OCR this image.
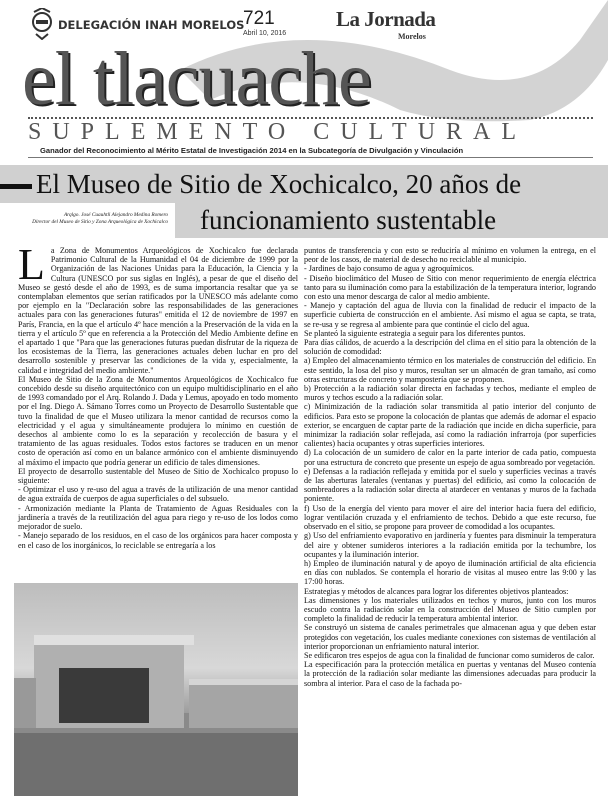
DELEGACIÓN INAH MORELOS
721
Abril 10, 2016
La Jornada
Morelos
el tlacuache
SUPLEMENTO CULTURAL
Ganador del Reconocimiento al Mérito Estatal de Investigación 2014 en la Subcategoría de Divulgación y Vinculación
El Museo de Sitio de Xochicalco, 20 años de
funcionamiento sustentable
Arqlgo. José Cuauhtli Alejandro Medina Romero
Director del Museo de Sitio y Zona Arqueológica de Xochicalco
L a Zona de Monumentos Arqueológicos de Xochicalco fue declarada Patrimonio Cultural de la Humanidad el 04 de diciembre de 1999 por la Organización de las Naciones Unidas para la Educación, la Ciencia y la Cultura (UNESCO por sus siglas en Inglés), a pesar de que el diseño del Museo se gestó desde el año de 1993, es de suma importancia resaltar que ya se contemplaban elementos que serían ratificados por la UNESCO más adelante como por ejemplo en la "Declaración sobre las responsabilidades de las generaciones actuales para con las generaciones futuras" emitida el 12 de noviembre de 1997 en París, Francia, en la que el artículo 4º hace mención a la Preservación de la vida en la tierra y el artículo 5º que en referencia a la Protección del Medio Ambiente define en el apartado 1 que "Para que las generaciones futuras puedan disfrutar de la riqueza de los ecosistemas de la Tierra, las generaciones actuales deben luchar en pro del desarrollo sostenible y preservar las condiciones de la vida y, especialmente, la calidad e integridad del medio ambiente."

El Museo de Sitio de la Zona de Monumentos Arqueológicos de Xochicalco fue concebido desde su diseño arquitectónico con un equipo multidisciplinario en el año de 1993 comandado por el Arq. Rolando J. Dada y Lemus, apoyado en todo momento por el Ing. Diego A. Sámano Torres como un Proyecto de Desarrollo Sustentable que tuvo la finalidad de que el Museo utilizara la menor cantidad de recursos como la electricidad y el agua y simultáneamente produjera lo mínimo en cuestión de desechos al ambiente como lo es la separación y recolección de basura y el tratamiento de las aguas residuales. Todos estos factores se traducen en un menor costo de operación así como en un balance armónico con el ambiente disminuyendo al máximo el impacto que podría generar un edificio de tales dimensiones.

El proyecto de desarrollo sustentable del Museo de Sitio de Xochicalco propuso lo siguiente:

- Optimizar el uso y re-uso del agua a través de la utilización de una menor cantidad de agua extraída de cuerpos de agua superficiales o del subsuelo.

- Armonización mediante la Planta de Tratamiento de Aguas Residuales con la jardinería a través de la reutilización del agua para riego y re-uso de los lodos como mejorador de suelo.

- Manejo separado de los residuos, en el caso de los orgánicos para hacer composta y en el caso de los inorgánicos, lo reciclable se entregaría a los

puntos de transferencia y con esto se reduciría al mínimo en volumen la entrega, en el peor de los casos, de material de desecho no reciclable al municipio.

- Jardines de bajo consumo de agua y agroquímicos.

- Diseño bioclimático del Museo de Sitio con menor requerimiento de energía eléctrica tanto para su iluminación como para la estabilización de la temperatura interior, logrando con esto una menor descarga de calor al medio ambiente.

- Manejo y captación del agua de lluvia con la finalidad de reducir el impacto de la superficie cubierta de construcción en el ambiente. Así mismo el agua se capta, se trata, se re-usa y se regresa al ambiente para que continúe el ciclo del agua.

Se planteó la siguiente estrategia a seguir para los diferentes puntos.

Para días cálidos, de acuerdo a la descripción del clima en el sitio para la obtención de la solución de comodidad:

a) Empleo del almacenamiento térmico en los materiales de construcción del edificio. En este sentido, la losa del piso y muros, resultan ser un almacén de gran tamaño, así como otras estructuras de concreto y mampostería que se proponen.

b) Protección a la radiación solar directa en fachadas y techos, mediante el empleo de muros y techos escudo a la radiación solar.

c) Minimización de la radiación solar transmitida al patio interior del conjunto de edificios. Para esto se propone la colocación de plantas que además de adornar el espacio exterior, se encarguen de captar parte de la radiación que incide en dicha superficie, para minimizar la radiación solar reflejada, así como la radiación infrarroja (por superficies calientes) hacia ocupantes y otras superficies interiores.

d) La colocación de un sumidero de calor en la parte interior de cada patio, compuesta por una estructura de concreto que presente un espejo de agua sombreado por vegetación.

e) Defensas a la radiación reflejada y emitida por el suelo y superficies vecinas a través de las aberturas laterales (ventanas y puertas) del edificio, así como la colocación de sombreadores a la radiación solar directa al atardecer en ventanas y muros de la fachada poniente.

f) Uso de la energía del viento para mover el aire del interior hacia fuera del edificio, lograr ventilación cruzada y el enfriamiento de techos. Debido a que este recurso, fue observado en el sitio, se propone para proveer de comodidad a los ocupantes.

g) Uso del enfriamiento evaporativo en jardinería y fuentes para disminuir la temperatura del aire y obtener sumideros interiores a la radiación emitida por la techumbre, los ocupantes y la iluminación interior.

h) Empleo de iluminación natural y de apoyo de iluminación artificial de alta eficiencia en días con nublados. Se contempla el horario de visitas al museo entre las 9:00 y las 17:00 horas.

Estrategias y métodos de alcances para lograr los diferentes objetivos planteados:

Las dimensiones y los materiales utilizados en techos y muros, junto con los muros escudo contra la radiación solar en la construcción del Museo de Sitio cumplen por completo la finalidad de reducir la temperatura ambiental interior.

Se construyó un sistema de canales perimetrales que almacenan agua y que deben estar protegidos con vegetación, los cuales mediante conexiones con sistemas de ventilación al interior proporcionan un enfriamiento natural interior.

Se edificaron tres espejos de agua con la finalidad de funcionar como sumideros de calor.

La especificación para la protección metálica en puertas y ventanas del Museo contenía la protección de la radiación solar mediante las dimensiones adecuadas para producir la sombra al interior. Para el caso de la fachada po-
